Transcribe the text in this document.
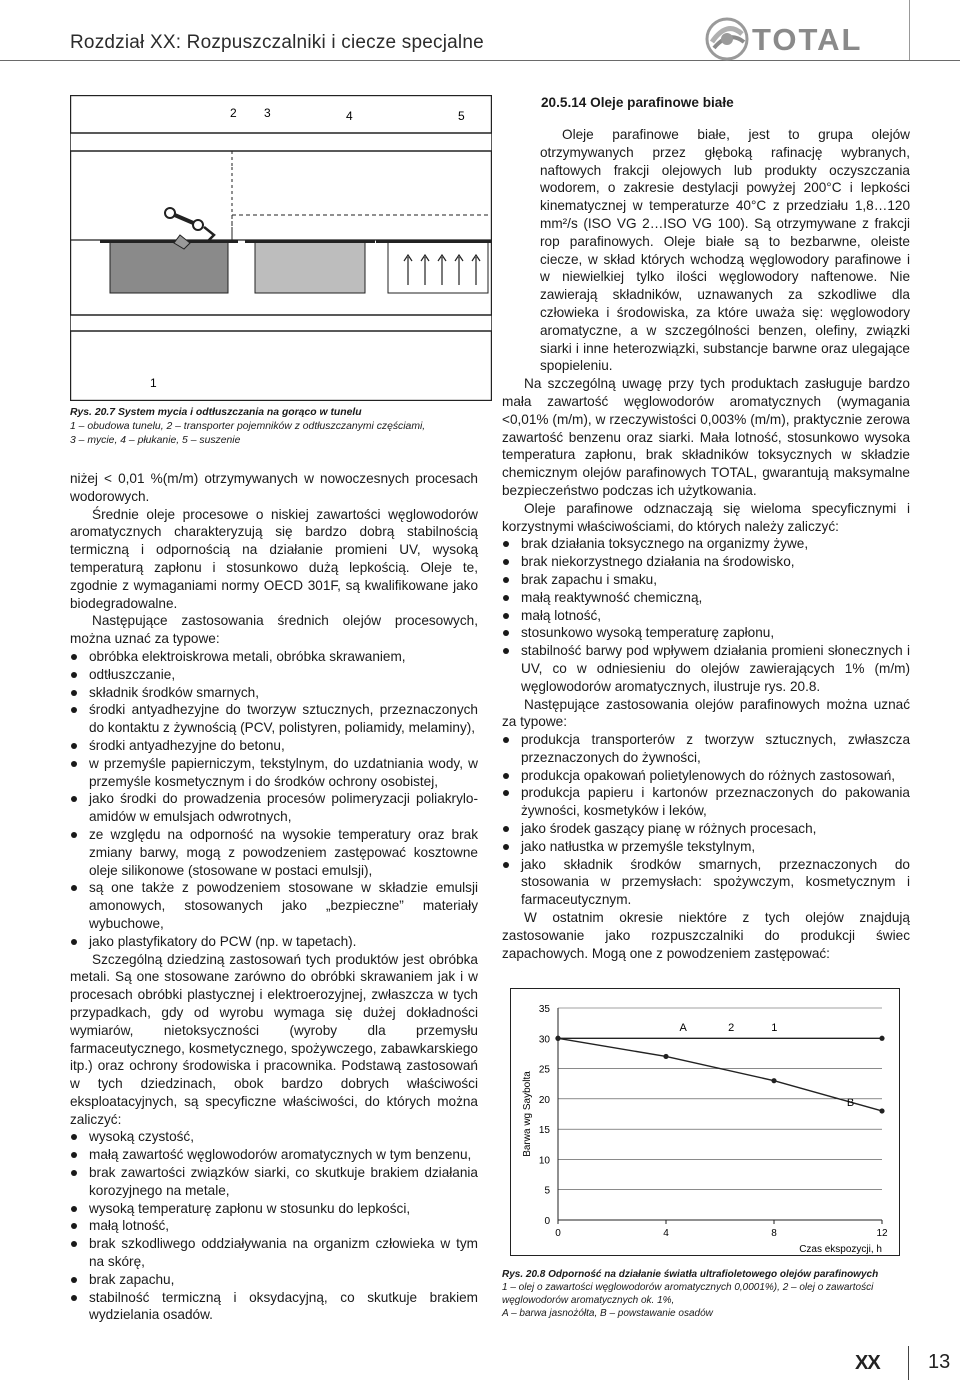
Rozdział XX: Rozpuszczalniki i ciecze specjalne	TOTAL
2 3	4	5
1
Rys. 20.7 System mycia i odtłuszczania na gorąco w tunelu
1 – obudowa tunelu, 2 – transporter pojemników z odtłuszczanymi częściami,
3 – mycie, 4 – płukanie, 5 – suszenie

niżej < 0,01 %(m/m) otrzymywanych w nowoczesnych procesach wodorowych.

Średnie oleje procesowe o niskiej zawartości węglowodorów aromatycznych charakteryzują się bardzo dobrą stabilnością termiczną i odpornością na działanie promieni UV, wysoką temperaturą zapłonu i stosunkowo dużą lepkością. Oleje te, zgodnie z wymaganiami normy OECD 301F, są kwalifikowane jako biodegradowalne.

Następujące zastosowania średnich olejów procesowych, można uznać za typowe:

obróbka elektroiskrowa metali, obróbka skrawaniem,
odtłuszczanie,
składnik środków smarnych,
środki antyadhezyjne do tworzyw sztucznych, przeznaczonych do kontaktu z żywnością (PCV, polistyren, poliamidy, melaminy),
środki antyadhezyjne do betonu,
w przemyśle papierniczym, tekstylnym, do uzdatniania wody, w przemyśle kosmetycznym i do środków ochrony osobistej,
jako środki do prowadzenia procesów polimeryzacji poliakryloamidów w emulsjach odwrotnych,
ze względu na odporność na wysokie temperatury oraz brak zmiany barwy, mogą z powodzeniem zastępować kosztowne oleje silikonowe (stosowane w postaci emulsji),
są one także z powodzeniem stosowane w składzie emulsji amonowych, stosowanych jako „bezpieczne” materiały wybuchowe,
jako plastyfikatory do PCW (np. w tapetach).

Szczególną dziedziną zastosowań tych produktów jest obróbka metali. Są one stosowane zarówno do obróbki skrawaniem jak i w procesach obróbki plastycznej i elektroerozyjnej, zwłaszcza w tych przypadkach, gdy od wyrobu wymaga się dużej dokładności wymiarów, nietoksyczności (wyroby dla przemysłu farmaceutycznego, kosmetycznego, spożywczego, zabawkarskiego itp.) oraz ochrony środowiska i pracownika. Podstawą zastosowań w tych dziedzinach, obok bardzo dobrych właściwości eksploatacyjnych, są specyficzne właściwości, do których można zaliczyć:

wysoką czystość,
małą zawartość węglowodorów aromatycznych w tym benzenu,
brak zawartości związków siarki, co skutkuje brakiem działania korozyjnego na metale,
wysoką temperaturę zapłonu w stosunku do lepkości,
małą lotność,
brak szkodliwego oddziaływania na organizm człowieka w tym na skórę,
brak zapachu,
stabilność termiczną i oksydacyjną, co skutkuje brakiem wydzielania osadów.
20.5.14 Oleje parafinowe białe

Oleje parafinowe białe, jest to grupa olejów otrzymywanych przez głęboką rafinację wybranych, naftowych frakcji olejowych lub produkty oczyszczania wodorem, o zakresie destylacji powyżej 200°C i lepkości kinematycznej w temperaturze 40°C z przedziału 1,8…120 mm²/s (ISO VG 2…ISO VG 100). Są otrzymywane z frakcji rop parafinowych. Oleje białe są to bezbarwne, oleiste ciecze, w skład których wchodzą węglowodory parafinowe i w niewielkiej tylko ilości węglowodory naftenowe. Nie zawierają składników, uznawanych za szkodliwe dla człowieka i środowiska, za które uważa się: węglowodory aromatyczne, a w szczególności benzen, olefiny, związki siarki i inne heterozwiązki, substancje barwne oraz ulegające spopieleniu.

Na szczególną uwagę przy tych produktach zasługuje bardzo mała zawartość węglowodorów aromatycznych (wymagania <0,01% (m/m), w rzeczywistości 0,003% (m/m), praktycznie zerowa zawartość benzenu oraz siarki. Mała lotność, stosunkowo wysoka temperatura zapłonu, brak składników toksycznych w składzie chemicznym olejów parafinowych TOTAL, gwarantują maksymalne bezpieczeństwo podczas ich użytkowania.

Oleje parafinowe odznaczają się wieloma specyficznymi i korzystnymi właściwościami, do których należy zaliczyć:

brak działania toksycznego na organizmy żywe,
brak niekorzystnego działania na środowisko,
brak zapachu i smaku,
małą reaktywność chemiczną,
małą lotność,
stosunkowo wysoką temperaturę zapłonu,
stabilność barwy pod wpływem działania promieni słonecznych i UV, co w odniesieniu do olejów zawierających 1% (m/m) węglowodorów aromatycznych, ilustruje rys. 20.8.

Następujące zastosowania olejów parafinowych można uznać za typowe:

produkcja transporterów z tworzyw sztucznych, zwłaszcza przeznaczonych do żywności,
produkcja opakowań polietylenowych do różnych zastosowań,
produkcja papieru i kartonów przeznaczonych do pakowania żywności, kosmetyków i leków,
jako środek gaszący pianę w różnych procesach,
jako natłustka w przemyśle tekstylnym,
jako składnik środków smarnych, przeznaczonych do stosowania w przemysłach: spożywczym, kosmetycznym i farmaceutycznym.

W ostatnim okresie niektóre z tych olejów znajdują zastosowanie jako rozpuszczalniki do produkcji świec zapachowych. Mogą one z powodzeniem zastępować:

0
5
10
15
20
25
30
35
0	4	8	12
Czas ekspozycji, h
Barwa wg Saybolta
A	2	1
B
Rys. 20.8 Odporność na działanie światła ultrafioletowego olejów parafinowych
1 – olej o zawartości węglowodorów aromatycznych 0,0001%), 2 – olej o zawartości węglowodorów aromatycznych ok. 1%,
A – barwa jasnożółta, B – powstawanie osadów
XX 13
